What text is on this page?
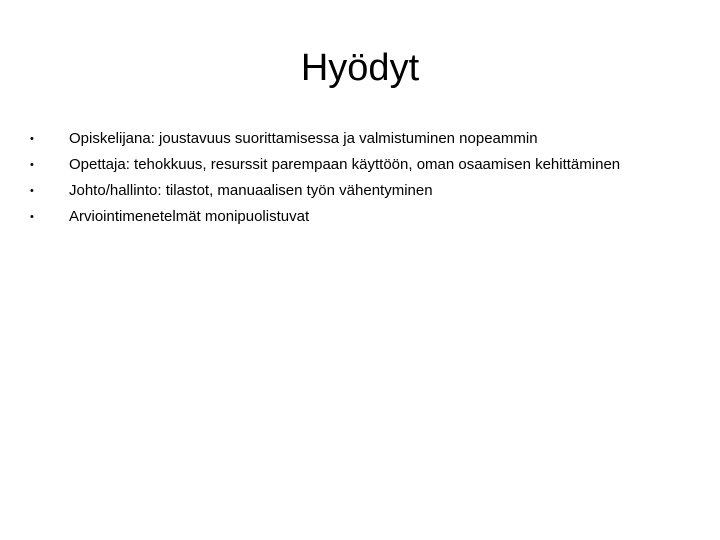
Hyödyt
•	Opiskelijana: joustavuus suorittamisessa ja valmistuminen nopeammin
•	Opettaja: tehokkuus, resurssit parempaan käyttöön, oman osaamisen kehittäminen
•	Johto/hallinto: tilastot, manuaalisen työn vähentyminen
•	Arviointimenetelmät monipuolistuvat
